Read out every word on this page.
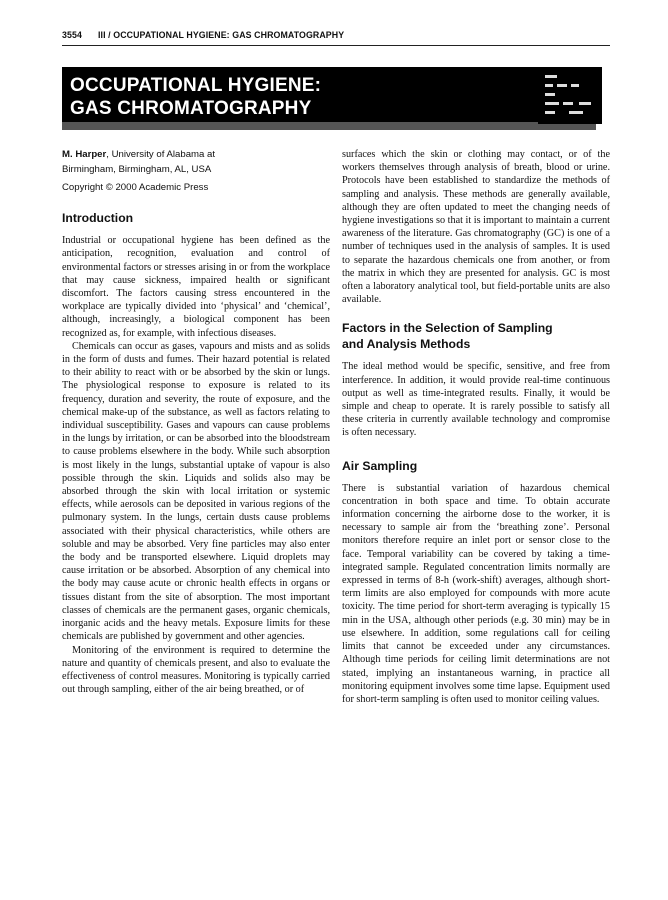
3554 III / OCCUPATIONAL HYGIENE: GAS CHROMATOGRAPHY
OCCUPATIONAL HYGIENE:
GAS CHROMATOGRAPHY
M. Harper, University of Alabama at
Birmingham, Birmingham, AL, USA
Copyright © 2000 Academic Press
Introduction

Industrial or occupational hygiene has been defined as the anticipation, recognition, evaluation and control of environmental factors or stresses arising in or from the workplace that may cause sickness, impaired health or significant discomfort. The factors causing stress encountered in the workplace are typically divided into ‘physical’ and ‘chemical’, although, increasingly, a biological component has been recognized as, for example, with infectious diseases.

Chemicals can occur as gases, vapours and mists and as solids in the form of dusts and fumes. Their hazard potential is related to their ability to react with or be absorbed by the skin or lungs. The physiological response to exposure is related to its frequency, duration and severity, the route of exposure, and the chemical make-up of the substance, as well as factors relating to individual susceptibility. Gases and vapours can cause problems in the lungs by irritation, or can be absorbed into the bloodstream to cause problems elsewhere in the body. While such absorption is most likely in the lungs, substantial uptake of vapour is also possible through the skin. Liquids and solids also may be absorbed through the skin with local irritation or systemic effects, while aerosols can be deposited in various regions of the pulmonary system. In the lungs, certain dusts cause problems associated with their physical characteristics, while others are soluble and may be absorbed. Very fine particles may also enter the body and be transported elsewhere. Liquid droplets may cause irritation or be absorbed. Absorption of any chemical into the body may cause acute or chronic health effects in organs or tissues distant from the site of absorption. The most important classes of chemicals are the permanent gases, organic chemicals, inorganic acids and the heavy metals. Exposure limits for these chemicals are published by government and other agencies.

Monitoring of the environment is required to determine the nature and quantity of chemicals present, and also to evaluate the effectiveness of control measures. Monitoring is typically carried out through sampling, either of the air being breathed, or of

surfaces which the skin or clothing may contact, or of the workers themselves through analysis of breath, blood or urine. Protocols have been established to standardize the methods of sampling and analysis. These methods are generally available, although they are often updated to meet the changing needs of hygiene investigations so that it is important to maintain a current awareness of the literature. Gas chromatography (GC) is one of a number of techniques used in the analysis of samples. It is used to separate the hazardous chemicals one from another, or from the matrix in which they are presented for analysis. GC is most often a laboratory analytical tool, but field-portable units are also available.

Factors in the Selection of Sampling
and Analysis Methods

The ideal method would be specific, sensitive, and free from interference. In addition, it would provide real-time continuous output as well as time-integrated results. Finally, it would be simple and cheap to operate. It is rarely possible to satisfy all these criteria in currently available technology and compromise is often necessary.

Air Sampling

There is substantial variation of hazardous chemical concentration in both space and time. To obtain accurate information concerning the airborne dose to the worker, it is necessary to sample air from the ‘breathing zone’. Personal monitors therefore require an inlet port or sensor close to the face. Temporal variability can be covered by taking a time-integrated sample. Regulated concentration limits normally are expressed in terms of 8-h (work-shift) averages, although short-term limits are also employed for compounds with more acute toxicity. The time period for short-term averaging is typically 15 min in the USA, although other periods (e.g. 30 min) may be in use elsewhere. In addition, some regulations call for ceiling limits that cannot be exceeded under any circumstances. Although time periods for ceiling limit determinations are not stated, implying an instantaneous warning, in practice all monitoring equipment involves some time lapse. Equipment used for short-term sampling is often used to monitor ceiling values.
